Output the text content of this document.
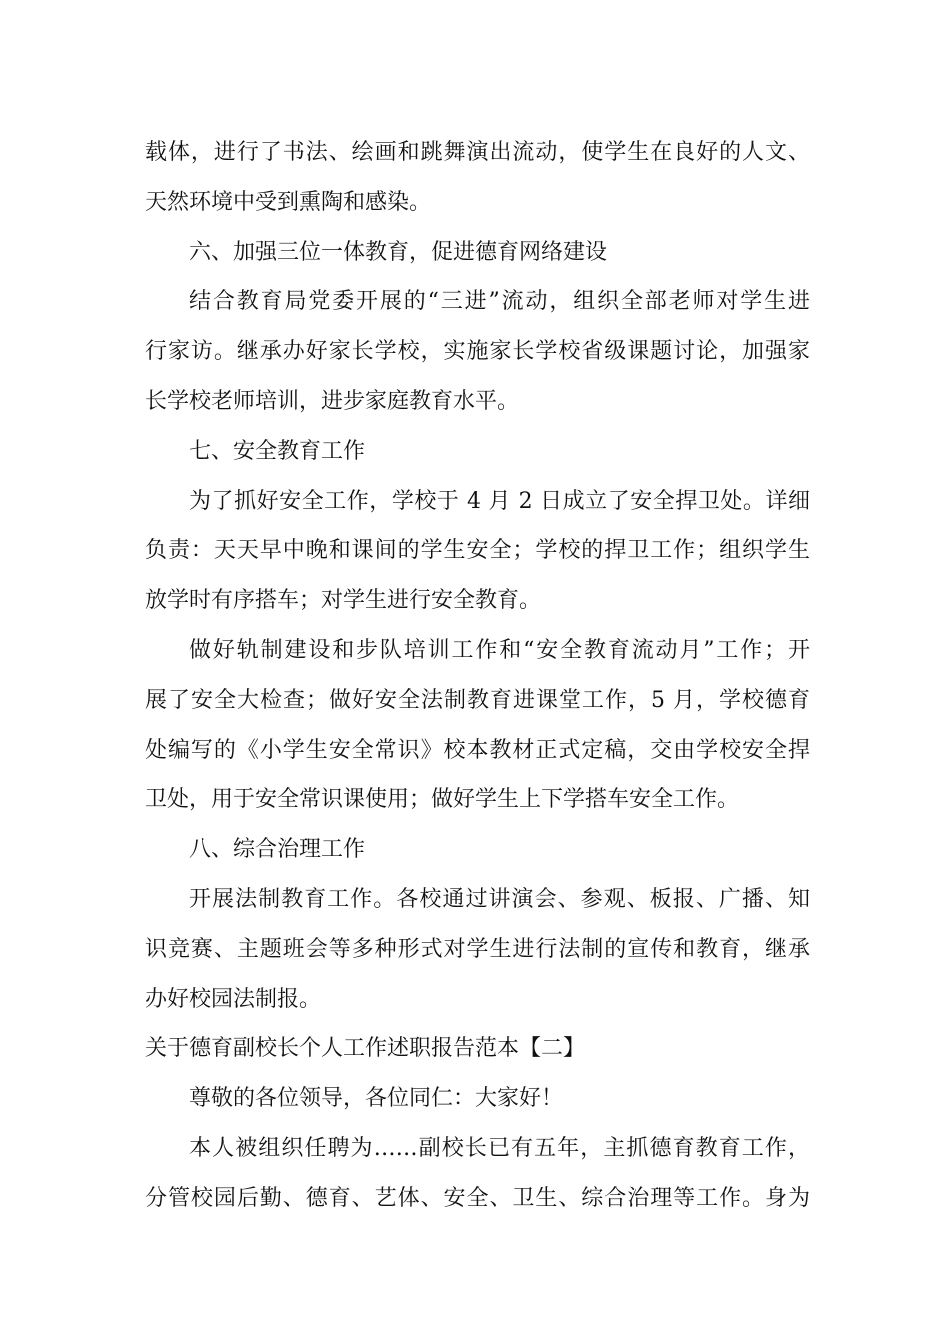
载体，进行了书法、绘画和跳舞演出流动，使学生在良好的人文、
天然环境中受到熏陶和感染。
六、加强三位一体教育，促进德育网络建设
结合教育局党委开展的“三进”流动，组织全部老师对学生进
行家访。继承办好家长学校，实施家长学校省级课题讨论，加强家
长学校老师培训，进步家庭教育水平。
七、安全教育工作
为了抓好安全工作，学校于 4 月 2 日成立了安全捍卫处。详细
负责：天天早中晚和课间的学生安全；学校的捍卫工作；组织学生
放学时有序搭车；对学生进行安全教育。
做好轨制建设和步队培训工作和“安全教育流动月”工作；开
展了安全大检查；做好安全法制教育进课堂工作，5 月，学校德育
处编写的《小学生安全常识》校本教材正式定稿，交由学校安全捍
卫处，用于安全常识课使用；做好学生上下学搭车安全工作。
八、综合治理工作
开展法制教育工作。各校通过讲演会、参观、板报、广播、知
识竞赛、主题班会等多种形式对学生进行法制的宣传和教育，继承
办好校园法制报。
关于德育副校长个人工作述职报告范本【二】
尊敬的各位领导，各位同仁：大家好！
本人被组织任聘为……副校长已有五年，主抓德育教育工作，
分管校园后勤、德育、艺体、安全、卫生、综合治理等工作。身为
